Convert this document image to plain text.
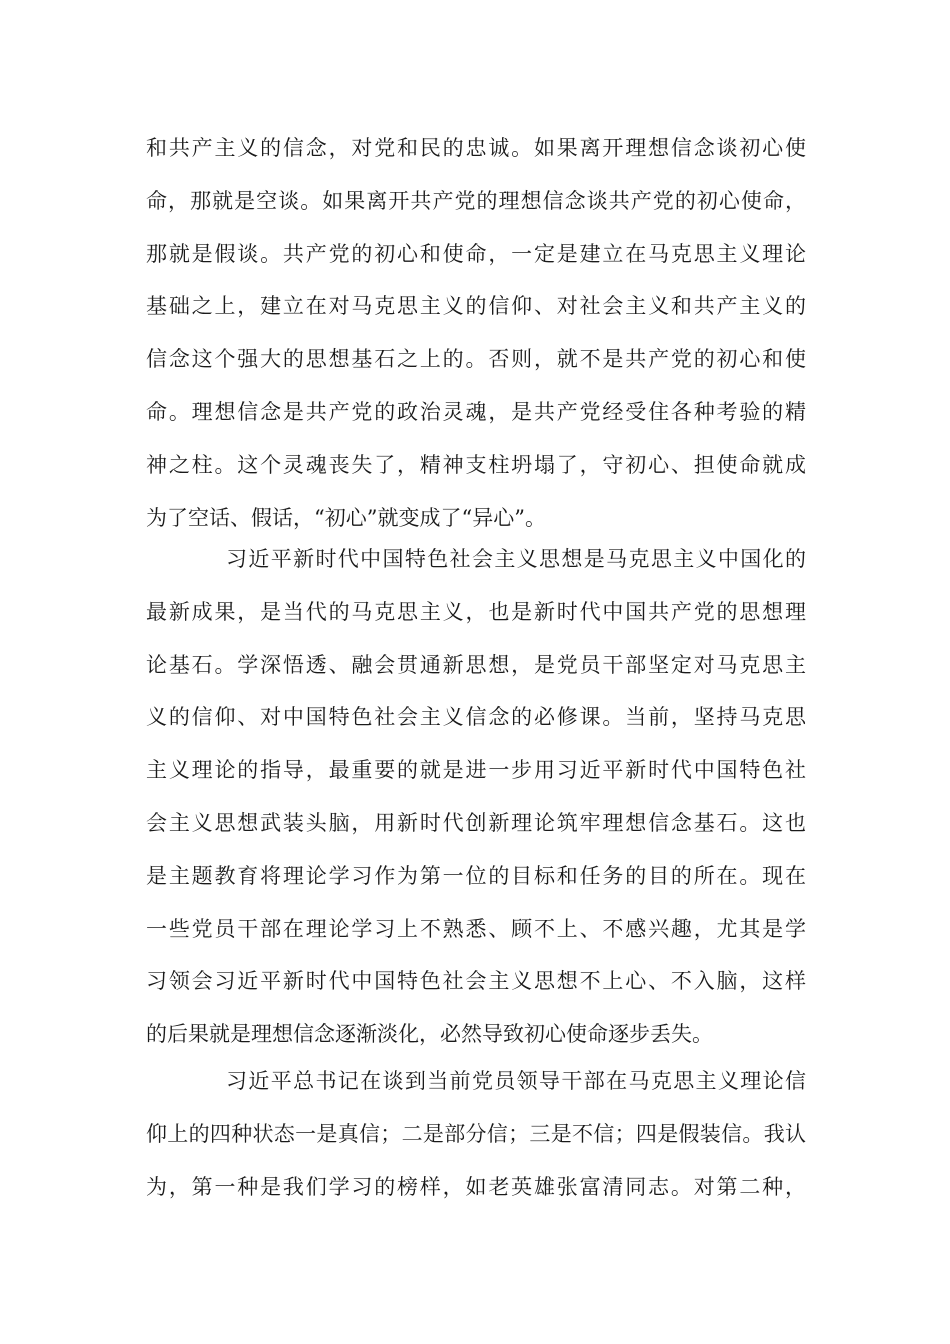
和共产主义的信念，对党和民的忠诚。如果离开理想信念谈初心使
命，那就是空谈。如果离开共产党的理想信念谈共产党的初心使命，
那就是假谈。共产党的初心和使命，一定是建立在马克思主义理论
基础之上，建立在对马克思主义的信仰、对社会主义和共产主义的
信念这个强大的思想基石之上的。否则，就不是共产党的初心和使
命。理想信念是共产党的政治灵魂，是共产党经受住各种考验的精
神之柱。这个灵魂丧失了，精神支柱坍塌了，守初心、担使命就成
为了空话、假话，“初心”就变成了“异心”。
习近平新时代中国特色社会主义思想是马克思主义中国化的
最新成果，是当代的马克思主义，也是新时代中国共产党的思想理
论基石。学深悟透、融会贯通新思想，是党员干部坚定对马克思主
义的信仰、对中国特色社会主义信念的必修课。当前，坚持马克思
主义理论的指导，最重要的就是进一步用习近平新时代中国特色社
会主义思想武装头脑，用新时代创新理论筑牢理想信念基石。这也
是主题教育将理论学习作为第一位的目标和任务的目的所在。现在
一些党员干部在理论学习上不熟悉、顾不上、不感兴趣，尤其是学
习领会习近平新时代中国特色社会主义思想不上心、不入脑，这样
的后果就是理想信念逐渐淡化，必然导致初心使命逐步丢失。
习近平总书记在谈到当前党员领导干部在马克思主义理论信
仰上的四种状态一是真信；二是部分信；三是不信；四是假装信。我认
为，第一种是我们学习的榜样，如老英雄张富清同志。对第二种，
